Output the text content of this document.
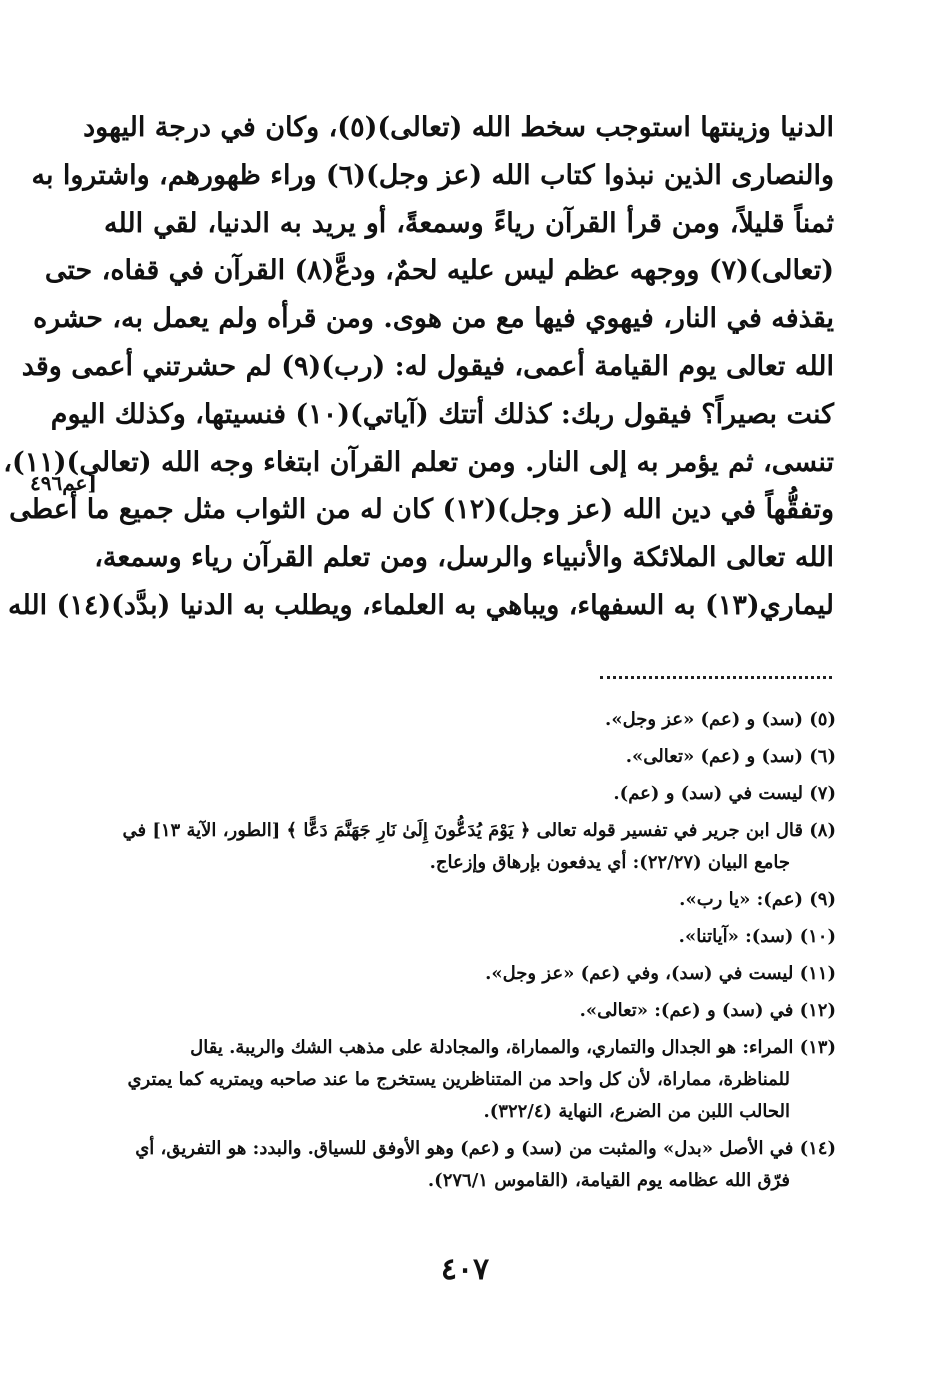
الدنيا وزينتها استوجب سخط الله (تعالى)(٥)، وكان في درجة اليهود
والنصارى الذين نبذوا كتاب الله (عز وجل)(٦) وراء ظهورهم، واشتروا به
ثمناً قليلاً، ومن قرأ القرآن رياءً وسمعةً، أو يريد به الدنيا، لقي الله
(تعالى)(٧) ووجهه عظم ليس عليه لحمٌ، ودعَّ(٨) القرآن في قفاه، حتى
يقذفه في النار، فيهوي فيها مع من هوى. ومن قرأه ولم يعمل به، حشره
الله تعالى يوم القيامة أعمى، فيقول له: (رب)(٩) لم حشرتني أعمى وقد
كنت بصيراً؟ فيقول ربك: كذلك أتتك (آياتي)(١٠) فنسيتها، وكذلك اليوم
تنسى، ثم يؤمر به إلى النار. ومن تعلم القرآن ابتغاء وجه الله (تعالى)(١١)،
وتفقُّهاً في دين الله (عز وجل)(١٢) كان له من الثواب مثل جميع ما أعطى
الله تعالى الملائكة والأنبياء والرسل، ومن تعلم القرآن رياء وسمعة،
ليماري(١٣) به السفهاء، ويباهي به العلماء، ويطلب به الدنيا (بدَّد)(١٤) الله
[عم٤٩٦
(٥) (سد) و (عم) «عز وجل».
(٦) (سد) و (عم) «تعالى».
(٧) ليست في (سد) و (عم).
(٨) قال ابن جرير في تفسير قوله تعالى ﴿ يَوْمَ يُدَعُّونَ إِلَىٰ نَارِ جَهَنَّمَ دَعًّا ﴾ [الطور، الآية ١٣] في
جامع البيان (٢٢/٢٧): أي يدفعون بإرهاق وإزعاج.
(٩) (عم): «يا رب».
(١٠) (سد): «آياتنا».
(١١) ليست في (سد)، وفي (عم) «عز وجل».
(١٢) في (سد) و (عم): «تعالى».
(١٣) المراء: هو الجدال والتماري، والمماراة، والمجادلة على مذهب الشك والريبة. يقال
للمناظرة، مماراة، لأن كل واحد من المتناظرين يستخرج ما عند صاحبه ويمتريه كما يمتري
الحالب اللبن من الضرع، النهاية (٣٢٢/٤).
(١٤) في الأصل «بدل» والمثبت من (سد) و (عم) وهو الأوفق للسياق. والبدد: هو التفريق، أي
فرّق الله عظامه يوم القيامة، (القاموس ٢٧٦/١).
٤٠٧
